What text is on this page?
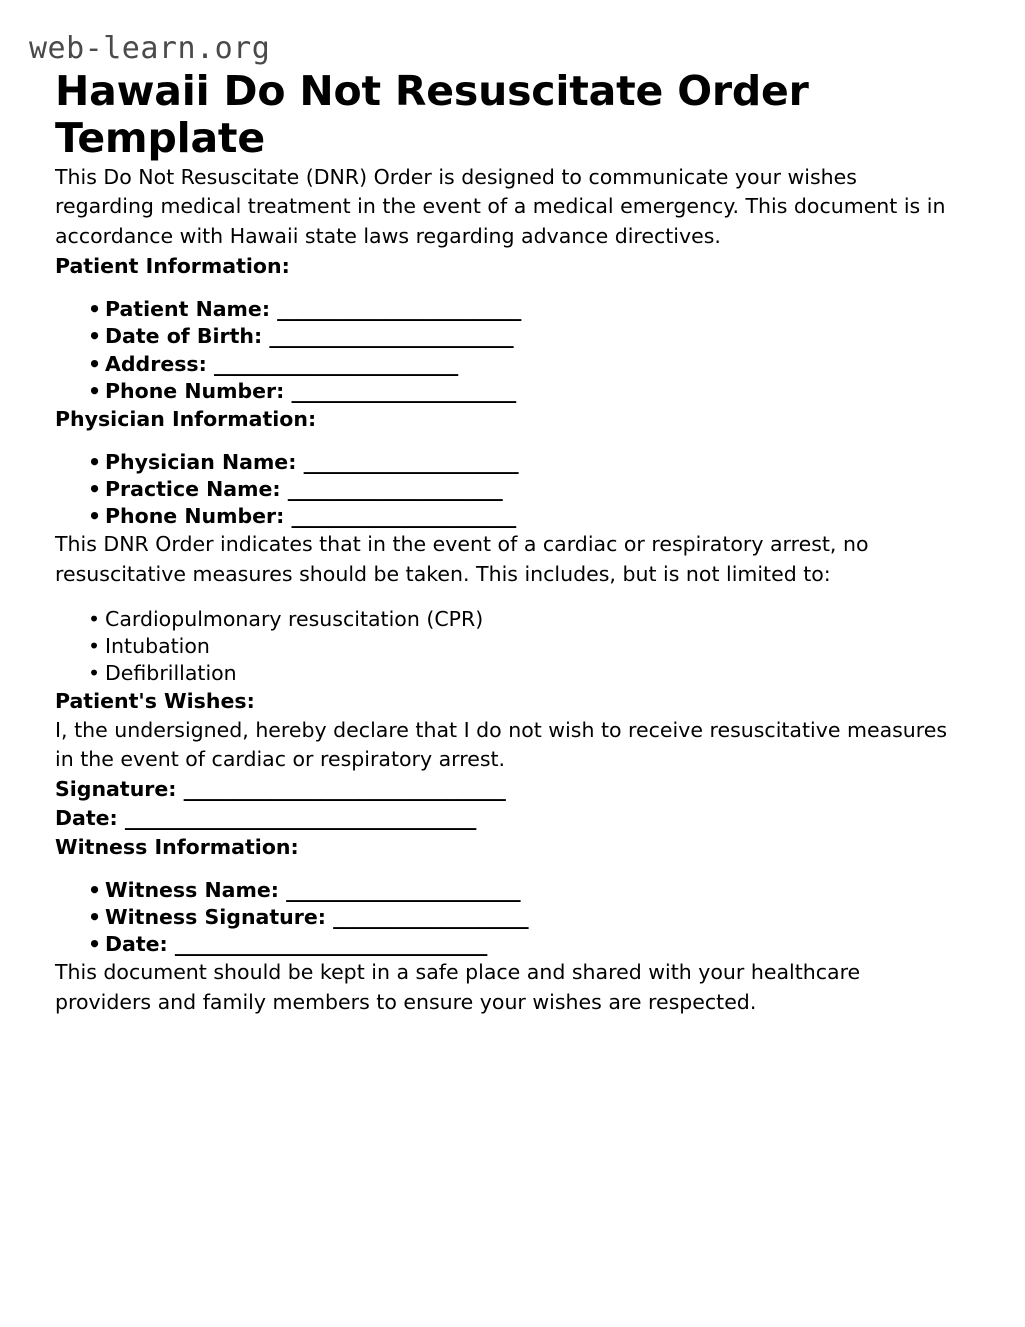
web-learn.org
Hawaii Do Not Resuscitate Order Template

This Do Not Resuscitate (DNR) Order is designed to communicate your wishes regarding medical treatment in the event of a medical emergency. This document is in accordance with Hawaii state laws regarding advance directives.

Patient Information:
• Patient Name: _________________________
• Date of Birth: _________________________
• Address: _________________________
• Phone Number: _______________________
Physician Information:
• Physician Name: ______________________
• Practice Name: ______________________
• Phone Number: _______________________

This DNR Order indicates that in the event of a cardiac or respiratory arrest, no resuscitative measures should be taken. This includes, but is not limited to:

• Cardiopulmonary resuscitation (CPR)
• Intubation
• Defibrillation
Patient's Wishes:

I, the undersigned, hereby declare that I do not wish to receive resuscitative measures in the event of cardiac or respiratory arrest.

Signature: _________________________________

Date: ____________________________________

Witness Information:
• Witness Name: ________________________
• Witness Signature: ____________________
• Date: ________________________________

This document should be kept in a safe place and shared with your healthcare providers and family members to ensure your wishes are respected.
